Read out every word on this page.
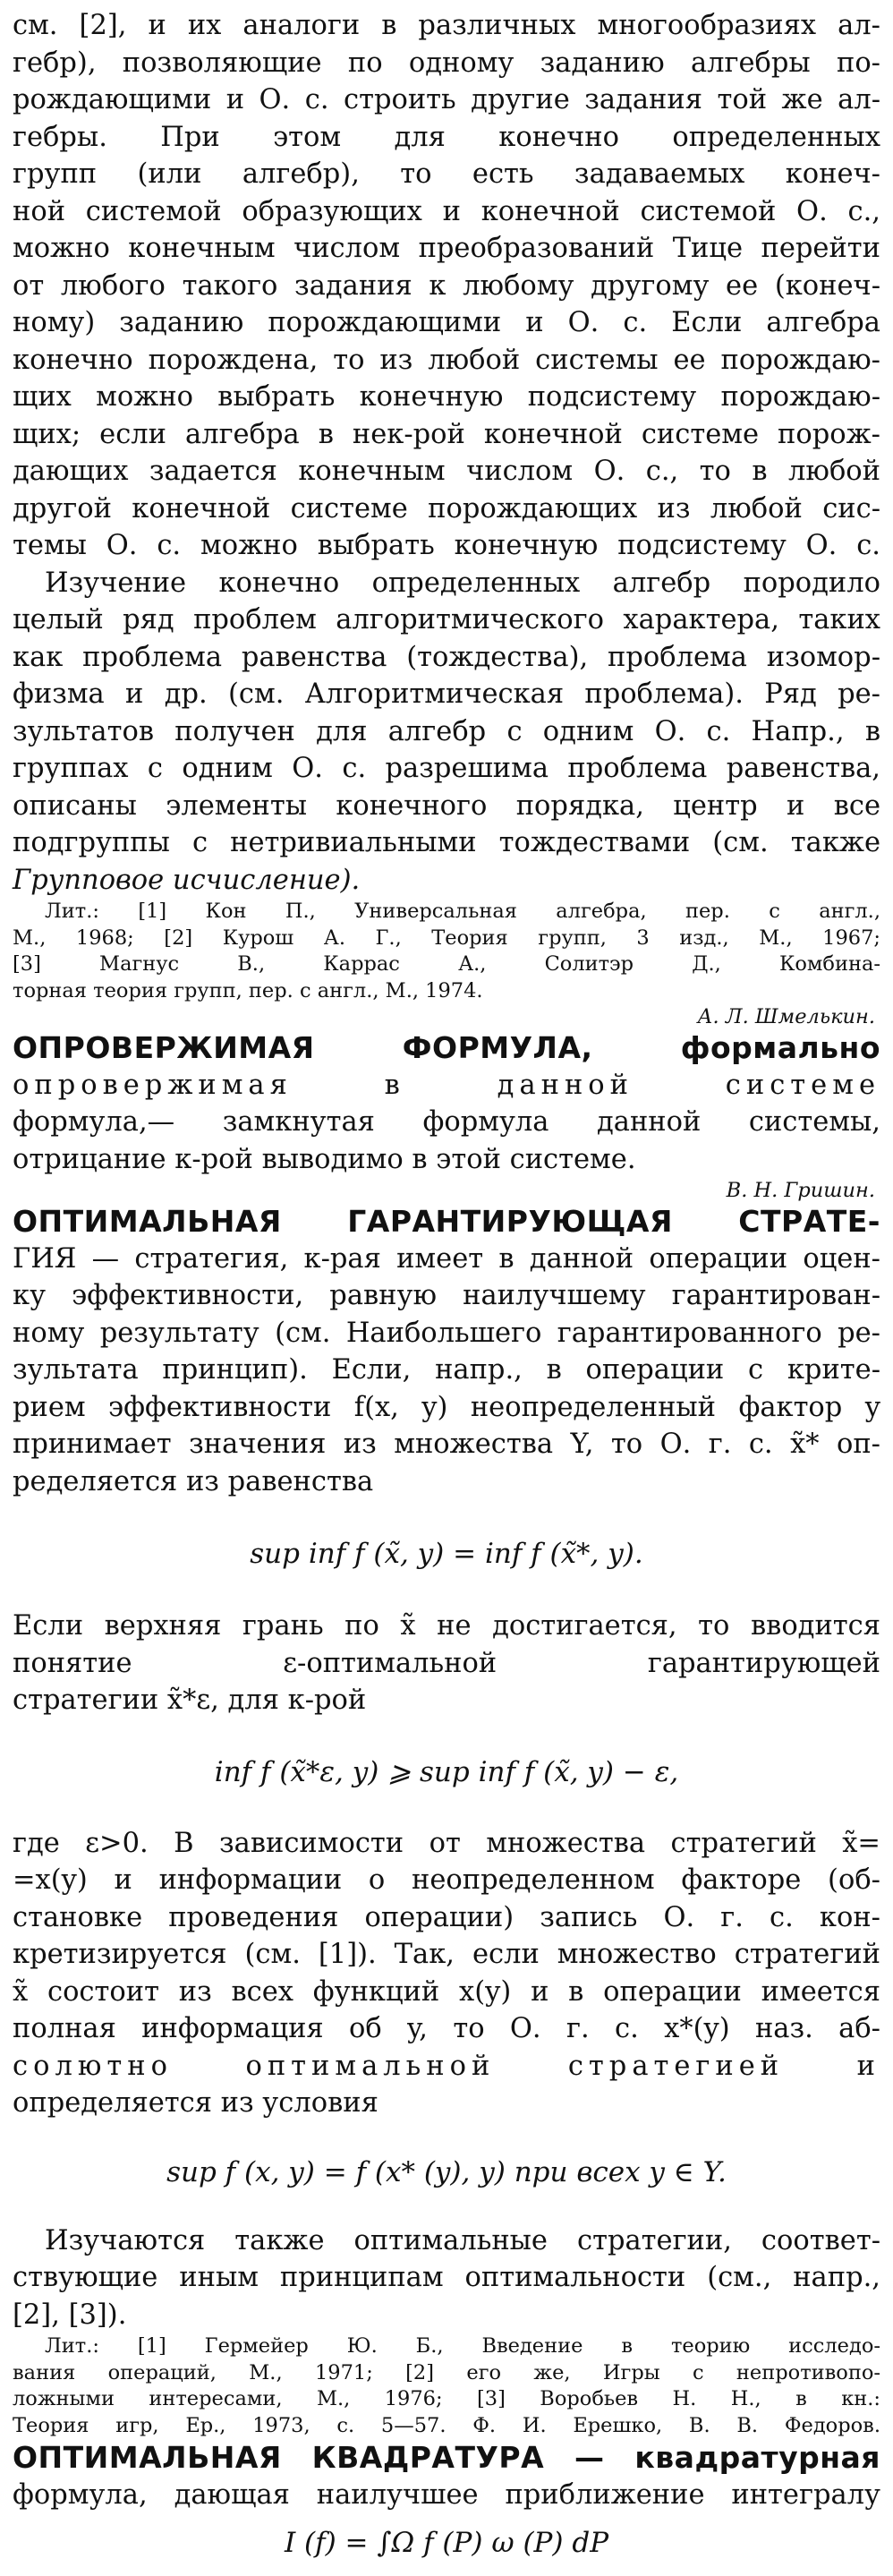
см. [2], и их аналоги в различных многообразиях ал-
гебр), позволяющие по одному заданию алгебры по-
рождающими и О. с. строить другие задания той же ал-
гебры. При этом для конечно определенных
групп (или алгебр), то есть задаваемых конеч-
ной системой образующих и конечной системой О. с.,
можно конечным числом преобразований Тице перейти
от любого такого задания к любому другому ее (конеч-
ному) заданию порождающими и О. с. Если алгебра
конечно порождена, то из любой системы ее порождаю-
щих можно выбрать конечную подсистему порождаю-
щих; если алгебра в нек-рой конечной системе порож-
дающих задается конечным числом О. с., то в любой
другой конечной системе порождающих из любой сис-
темы О. с. можно выбрать конечную подсистему О. с.
Изучение конечно определенных алгебр породило
целый ряд проблем алгоритмического характера, таких
как проблема равенства (тождества), проблема изомор-
физма и др. (см. Алгоритмическая проблема). Ряд ре-
зультатов получен для алгебр с одним О. с. Напр., в
группах с одним О. с. разрешима проблема равенства,
описаны элементы конечного порядка, центр и все
подгруппы с нетривиальными тождествами (см. также
Групповое исчисление).
Лит.: [1] Кон П., Универсальная алгебра, пер. с англ.,
М., 1968; [2] Курош А. Г., Теория групп, 3 изд., М., 1967;
[3] Магнус В., Каррас А., Солитэр Д., Комбина-
торная теория групп, пер. с англ., М., 1974.
А. Л. Шмелькин.
ОПРОВЕРЖИМАЯ ФОРМУЛА, формально
опровержимая в данной системе
формула,— замкнутая формула данной системы,
отрицание к-рой выводимо в этой системе.
В. Н. Гришин.
ОПТИМАЛЬНАЯ ГАРАНТИРУЮЩАЯ СТРАТЕ-
ГИЯ — стратегия, к-рая имеет в данной операции оцен-
ку эффективности, равную наилучшему гарантирован-
ному результату (см. Наибольшего гарантированного ре-
зультата принцип). Если, напр., в операции с крите-
рием эффективности f(x, y) неопределенный фактор y
принимает значения из множества Y, то О. г. с. x̃* оп-
ределяется из равенства
sup inf f (x̃, y) = inf f (x̃*, y).
Если верхняя грань по x̃ не достигается, то вводится
понятие ε-оптимальной гарантирующей
стратегии x̃*ε, для к-рой
inf f (x̃*ε, y) ⩾ sup inf f (x̃, y) − ε,
где ε>0. В зависимости от множества стратегий x̃=
=x(y) и информации о неопределенном факторе (об-
становке проведения операции) запись О. г. с. кон-
кретизируется (см. [1]). Так, если множество стратегий
x̃ состоит из всех функций x(y) и в операции имеется
полная информация об y, то О. г. с. x*(y) наз. аб-
солютно оптимальной стратегией и
определяется из условия
sup f (x, y) = f (x* (y), y) при всех y ∈ Y.
Изучаются также оптимальные стратегии, соответ-
ствующие иным принципам оптимальности (см., напр.,
[2], [3]).
Лит.: [1] Гермейер Ю. Б., Введение в теорию исследо-
вания операций, М., 1971; [2] его же, Игры с непротивопо-
ложными интересами, М., 1976; [3] Воробьев Н. Н., в кн.:
Теория игр, Ер., 1973, с. 5—57. Ф. И. Ерешко, В. В. Федоров.
ОПТИМАЛЬНАЯ КВАДРАТУРА — квадратурная
формула, дающая наилучшее приближение интегралу
I (f) = ∫Ω f (P) ω (P) dP
